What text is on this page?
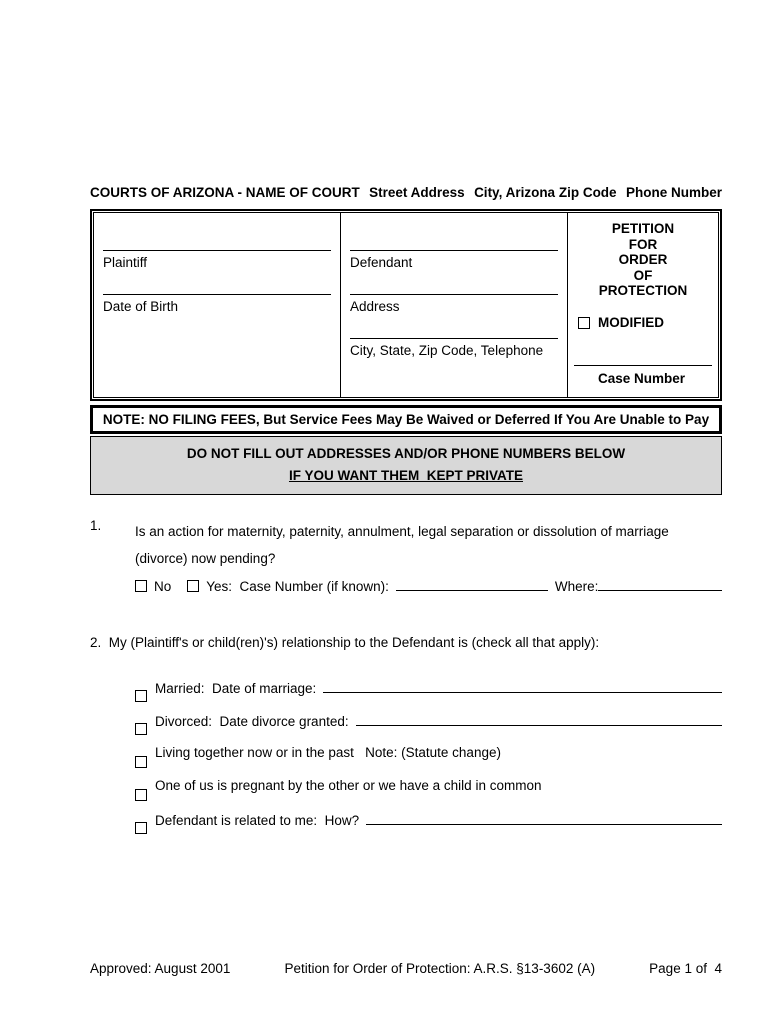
COURTS OF ARIZONA - NAME OF COURT Street Address City, Arizona Zip Code Phone Number
Plaintiff
Date of Birth
Defendant
Address
City, State, Zip Code, Telephone
PETITION
FOR
ORDER
OF
PROTECTION
MODIFIED
Case Number
NOTE: NO FILING FEES, But Service Fees May Be Waived or Deferred If You Are Unable to Pay
DO NOT FILL OUT ADDRESSES AND/OR PHONE NUMBERS BELOW
IF YOU WANT THEM  KEPT PRIVATE
1.	Is an action for maternity, paternity, annulment, legal separation or dissolution of marriage (divorce) now pending?
No	Yes:  Case Number (if known):	Where:
2.  My (Plaintiff's or child(ren)'s) relationship to the Defendant is (check all that apply):
Married:  Date of marriage:
Divorced:  Date divorce granted:
Living together now or in the past   Note: (Statute change)
One of us is pregnant by the other or we have a child in common
Defendant is related to me:  How?
Approved: August 2001	Petition for Order of Protection: A.R.S. §13-3602 (A)	Page 1 of  4
